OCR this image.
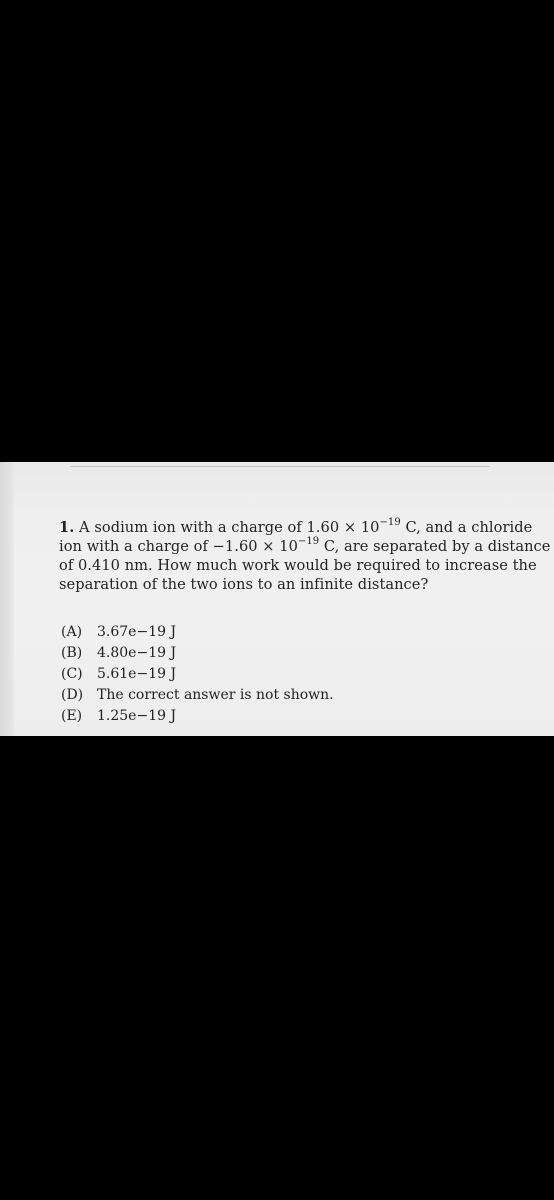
1. A sodium ion with a charge of $1.60 \times 10^{-19}$ C, and a chloride
ion with a charge of $-1.60 \times 10^{-19}$ C, are separated by a distance
of 0.410 nm. How much work would be required to increase the
separation of the two ions to an infinite distance?
(A) 3.67e−19 J
(B) 4.80e−19 J
(C) 5.61e−19 J
(D) The correct answer is not shown.
(E) 1.25e−19 J
